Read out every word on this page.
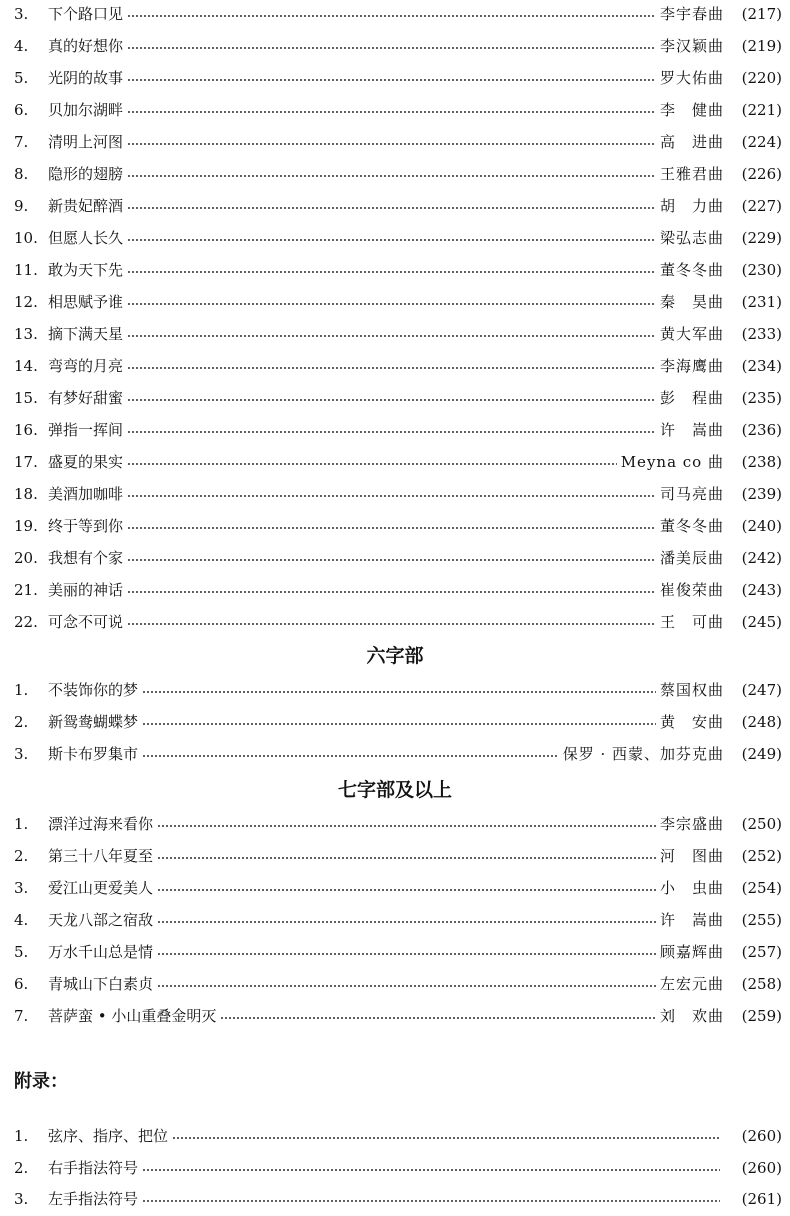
3.	下个路口见	李宇春曲	(217)
4.	真的好想你	李汉颖曲	(219)
5.	光阴的故事	罗大佑曲	(220)
6.	贝加尔湖畔	李　健曲	(221)
7.	清明上河图	高　进曲	(224)
8.	隐形的翅膀	王雅君曲	(226)
9.	新贵妃醉酒	胡　力曲	(227)
10. 但愿人长久	梁弘志曲	(229)
11. 敢为天下先	董冬冬曲	(230)
12. 相思赋予谁	秦　昊曲	(231)
13. 摘下满天星	黄大军曲	(233)
14. 弯弯的月亮	李海鹰曲	(234)
15. 有梦好甜蜜	彭　程曲	(235)
16. 弹指一挥间	许　嵩曲	(236)
17. 盛夏的果实	Meyna co 曲	(238)
18. 美酒加咖啡	司马亮曲	(239)
19. 终于等到你	董冬冬曲	(240)
20. 我想有个家	潘美辰曲	(242)
21. 美丽的神话	崔俊荣曲	(243)
22. 可念不可说	王　可曲	(245)
六字部
1.	不装饰你的梦	蔡国权曲	(247)
2.	新鸳鸯蝴蝶梦	黄　安曲	(248)
3.	斯卡布罗集市	保罗 · 西蒙、加芬克曲	(249)
七字部及以上
1.	漂洋过海来看你	李宗盛曲	(250)
2.	第三十八年夏至	河　图曲	(252)
3.	爱江山更爱美人	小　虫曲	(254)
4.	天龙八部之宿敌	许　嵩曲	(255)
5.	万水千山总是情	顾嘉辉曲	(257)
6.	青城山下白素贞	左宏元曲	(258)
7.	菩萨蛮 • 小山重叠金明灭	刘　欢曲	(259)
附录：
1.	弦序、指序、把位	(260)
2.	右手指法符号	(260)
3.	左手指法符号	(261)
